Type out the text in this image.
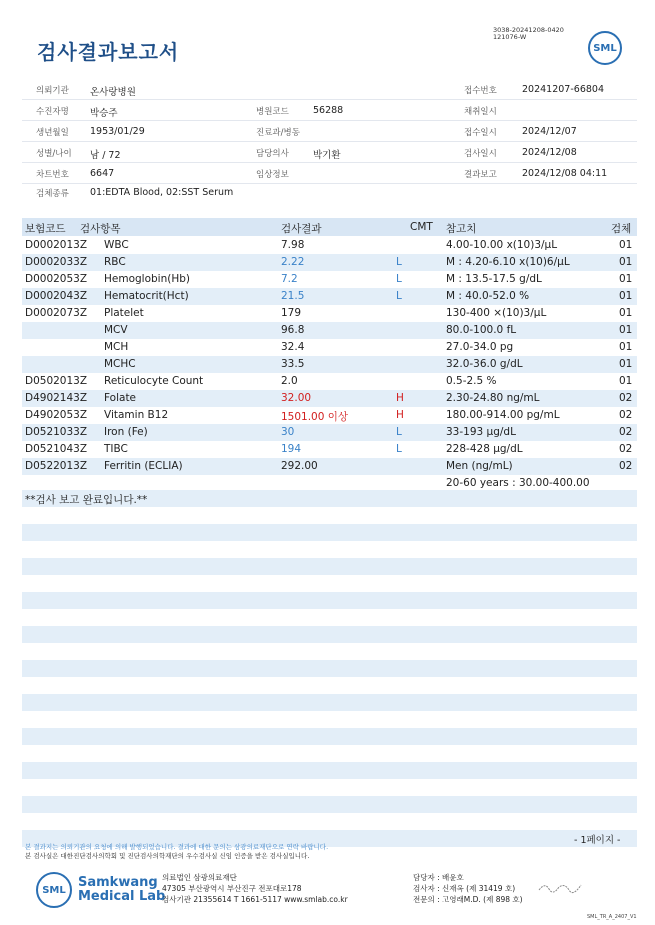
검사결과보고서
3038-20241208-0420
121076-W
SML
의뢰기관 온사랑병원	접수번호	20241207-66804
수진자명 박승주	병원코드	56288	채취일시
생년월일 1953/01/29	진료과/병동	접수일시	2024/12/07
성별/나이 남 / 72	담당의사	박기환	검사일시	2024/12/08
차트번호 6647	임상정보	결과보고	2024/12/08 04:11
검체종류 01:EDTA Blood, 02:SST Serum
보험코드 검사항목	검사결과	CMT 참고치	검체
D0002013Z WBC	7.98	4.00-10.00 x(10)3/μL	01
D0002033Z RBC	2.22	L	M : 4.20-6.10 x(10)6/μL	01
D0002053Z Hemoglobin(Hb)	7.2	L	M : 13.5-17.5 g/dL	01
D0002043Z Hematocrit(Hct)	21.5	L	M : 40.0-52.0 %	01
D0002073Z Platelet	179	130-400 ×(10)3/μL	01
MCV	96.8	80.0-100.0 fL	01
MCH	32.4	27.0-34.0 pg	01
MCHC	33.5	32.0-36.0 g/dL	01
D0502013Z Reticulocyte Count	2.0	0.5-2.5 %	01
D4902143Z Folate	32.00	H	2.30-24.80 ng/mL	02
D4902053Z Vitamin B12	1501.00 이상	H	180.00-914.00 pg/mL	02
D0521033Z Iron (Fe)	30	L	33-193 μg/dL	02
D0521043Z TIBC	194	L	228-428 μg/dL	02
D0522013Z Ferritin (ECLIA)	292.00	Men (ng/mL)	02
20-60 years : 30.00-400.00
**검사 보고 완료입니다.**
- 1페이지 -
본 결과지는 의뢰기관의 요청에 의해 발행되었습니다. 결과에 대한 문의는 삼광의료재단으로 연락 바랍니다.
본 검사실은 대한진단검사의학회 및 진단검사의학재단의 우수검사실 신임 인증을 받은 검사실입니다.
SML Samkwang
Medical Lab
의료법인 삼광의료재단
47305 부산광역시 부산진구 전포대로178
검사기관 21355614 T 1661-5117 www.smlab.co.kr
담당자 : 배윤호
검사자 : 신재옥 (제 31419 호)
전문의 : 고영래M.D. (제 898 호)
SML_TR_A_2407_V1
